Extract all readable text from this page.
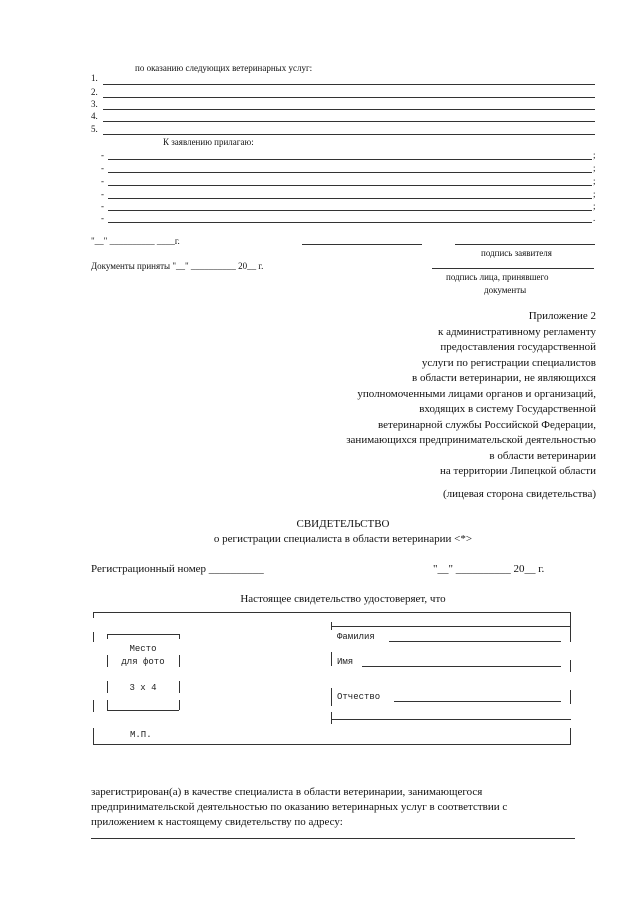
по оказанию следующих ветеринарных услуг:
1.
2.
3.
4.
5.
К заявлению прилагаю:
-	;
-	;
-	;
-	;
-	;
-	.
"__" __________ ____г.
подпись заявителя
Документы приняты "__" __________ 20__ г.
подпись лица, принявшего
документы
Приложение 2
к административному регламенту
предоставления государственной
услуги по регистрации специалистов
в области ветеринарии, не являющихся
уполномоченными лицами органов и организаций,
входящих в систему Государственной
ветеринарной службы Российской Федерации,
занимающихся предпринимательской деятельностью
в области ветеринарии
на территории Липецкой области
(лицевая сторона свидетельства)
СВИДЕТЕЛЬСТВО
о регистрации специалиста в области ветеринарии <*>
Регистрационный номер __________	"__" __________ 20__ г.
Настоящее свидетельство удостоверяет, что
Место
для фото
3 х 4
М.П.
Фамилия
Имя
Отчество
зарегистрирован(а) в качестве специалиста в области ветеринарии, занимающегося
предпринимательской деятельностью по оказанию ветеринарных услуг в соответствии с
приложением к настоящему свидетельству по адресу:
